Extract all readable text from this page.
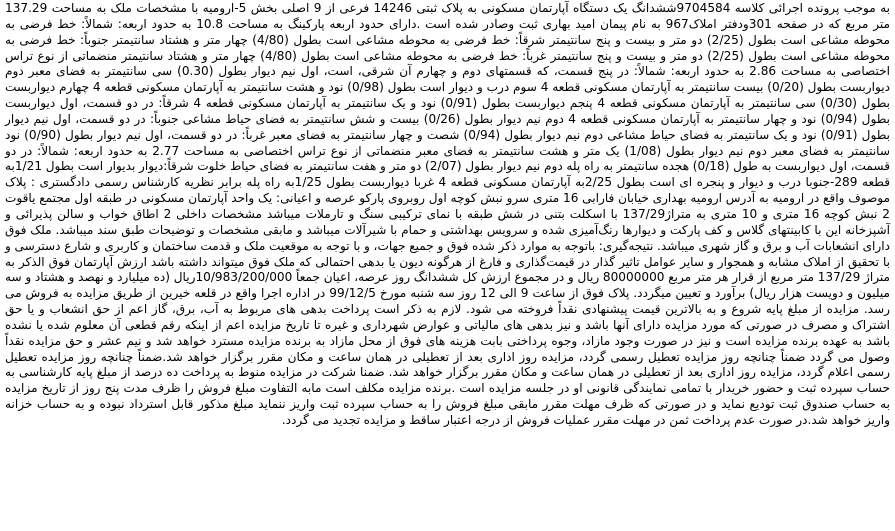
به موجب پرونده اجرائی کلاسه 9704584ششدانگ یک دستگاه آپارتمان مسکونی به پلاک ثبتی 14246 فرعی از 9 اصلی بخش 5-ارومیه با مشخصات ملک به مساحت 137.29 متر مربع که در صفحه 301ودفتر املاک967 به نام پیمان امید بهاری ثبت وصادر شده است .دارای حدود اربعه پارکینگ به مساحت 10.8 به حدود اربعه: شمالاً: خط فرضی به محوطه مشاعی است بطول (2/25) دو متر و بیست و پنج سانتیمتر شرقاً: خط فرضی به محوطه مشاعی است بطول (4/80) چهار متر و هشتاد سانتیمتر جنوباً: خط فرضی به محوطه مشاعی است بطول (2/25) دو متر و بیست و پنج سانتیمتر غرباً: خط فرضی به محوطه مشاعی است بطول (4/80) چهار متر و هشتاد سانتیمتر منضماتی از نوع تراس اختصاصی به مساحت 2.86 به حدود اربعه: شمالاً: در پنج قسمت، که قسمتهای دوم و چهارم آن شرقی، است، اول نیم دیوار بطول (0.30) سی سانتیمتر به فضای معبر دوم دیواربست بطول (0/20) بیست سانتیمتر به آپارتمان مسکونی قطعه 4 سوم درب و دیوار است بطول (0/98) نود و هشت سانتیمتر به آپارتمان مسکونی قطعه 4 چهارم دیواربست بطول (0/30) سی سانتیمتر به آپارتمان مسکونی قطعه 4 پنجم دیواربست بطول (0/91) نود و یک سانتیمتر به آپارتمان مسکونی قطعه 4 شرقاً: در دو قسمت، اول دیواربست بطول (0/94) نود و چهار سانتیمتر به آپارتمان مسکونی قطعه 4 دوم نیم دیوار بطول (0/26) بیست و شش سانتیمتر به فضای حیاط مشاعی جنوباً: در دو قسمت، اول نیم دیوار بطول (0/91) نود و یک سانتیمتر به فضای حیاط مشاعی دوم نیم دیوار بطول (0/94) شصت و چهار سانتیمتر به فضای معبر غرباً: در دو قسمت، اول نیم دیوار بطول (0/90) نود سانتیمتر به فضای معبر دوم نیم دیوار بطول (1/08) یک متر و هشت سانتیمتر به فضای معبر منضماتی از نوع تراس اختصاصی به مساحت 2.77 به حدود اربعه: شمالاً: در دو قسمت، اول دیواربست به طول (0/18) هجده سانتیمتر به راه پله دوم نیم دیوار بطول (2/07) دو متر و هفت سانتیمتر به فضای حیاط خلوت شرقاً:دیوار بدیوار است بطول 1/21به قطعه 289-جنوبا درب و دیوار و پنجره ای است بطول 2/25به آپارتمان مسکونی قطعه 4 غربا دیواربست بطول 1/25به راه پله برابر نظریه کارشناس رسمی دادگستری : پلاک موصوف واقع در ارومیه به آدرس ارومیه بهداری خیابان فارابی 16 متری سرو نبش کوچه اول روبروی پارکو عرصه و اعیانی: یک واحد آپارتمان مسکونی در طبقه اول مجتمع یاقوت 2 نبش کوچه 16 متری و 10 متری به متراژ137/29 با اسکلت بتنی در شش طبقه با نمای ترکیبی سنگ و تارملات میباشد مشخصات داخلی 2 اطاق خواب و سالن پذیرائی و آشپزخانه این با کابینتهای گلاس و کف پارکت و دیوارها رنگ‌آمیزی شده و سرویس بهداشتی و حمام با شیرآلات میباشد و مابقی مشخصات و توضیحات طبق سند میباشد. ملک فوق دارای انشعابات آب و برق و گاز شهری میباشد. نتیجه‌گیری: باتوجه به موارد ذکر شده فوق و جمیع جهات، و با توجه به موقعیت ملک و قدمت ساختمان و کاربری و شارع دسترسی و با تحقیق از املاک مشابه و همجوار و سایر عوامل تاثیر گذار در قیمت‌گذاری و فارغ از هرگونه دیون یا بدهی احتمالی که ملک فوق میتواند داشته باشد ارزش آپارتمان فوق الذکر به متراژ 137/29 متر مربع از قرار هر متر مربع 80000000 ریال و در مجموع ارزش کل ششدانگ روز عرصه، اعیان جمعاً 10/983/200/000ریال (ده میلیارد و نهصد و هشتاد و سه میلیون و دویست هزار ریال) برآورد و تعیین میگردد. پلاک فوق از ساعت 9 الی 12 روز سه شنبه مورخ 99/12/5 در اداره اجرا واقع در قلعه خیرین از طریق مزایده به فروش می رسد. مزایده از مبلغ پایه شروع و به بالاترین قیمت پیشنهادی نقداً فروخته می شود. لازم به ذکر است پرداخت بدهی های مربوط به آب، برق، گاز اعم از حق انشعاب و یا حق اشتراک و مصرف در صورتی که مورد مزایده دارای آنها باشد و نیز بدهی های مالیاتی و عوارض شهرداری و غیره تا تاریخ مزایده اعم از اینکه رقم قطعی آن معلوم شده یا نشده باشد به عهده برنده مزایده است و نیز در صورت وجود مازاد، وجوه پرداختی بابت هزینه های فوق از محل مازاد به برنده مزایده مسترد خواهد شد و نیم عشر و حق مزایده نقداً وصول می گردد ضمناً چنانچه روز مزایده تعطیل رسمی گردد، مزایده روز اداری بعد از تعطیلی در همان ساعت و مکان مقرر برگزار خواهد شد.ضمناً چنانچه روز مزایده تعطیل رسمی اعلام گردد، مزایده روز اداری بعد از تعطیلی در همان ساعت و مکان مقرر برگزار خواهد شد. ضمنا شرکت در مزایده منوط به پرداخت ده درصد از مبلغ پایه کارشناسی به حساب سپرده ثبت و حضور خریدار با تمامی نمایندگی قانونی او در جلسه مزایده است .برنده مزایده مکلف است مابه التفاوت مبلغ فروش را ظرف مدت پنج روز از تاریخ مزایده به حساب صندوق ثبت تودیع نماید و در صورتی که ظرف مهلت مقرر مابقی مبلغ فروش را به حساب سپرده ثبت واریز ننماید مبلغ مذکور قابل استرداد نبوده و به حساب خزانه واریز خواهد شد.در صورت عدم پرداخت ثمن در مهلت مقرر عملیات فروش از درجه اعتبار ساقط و مزایده تجدید می گردد.
